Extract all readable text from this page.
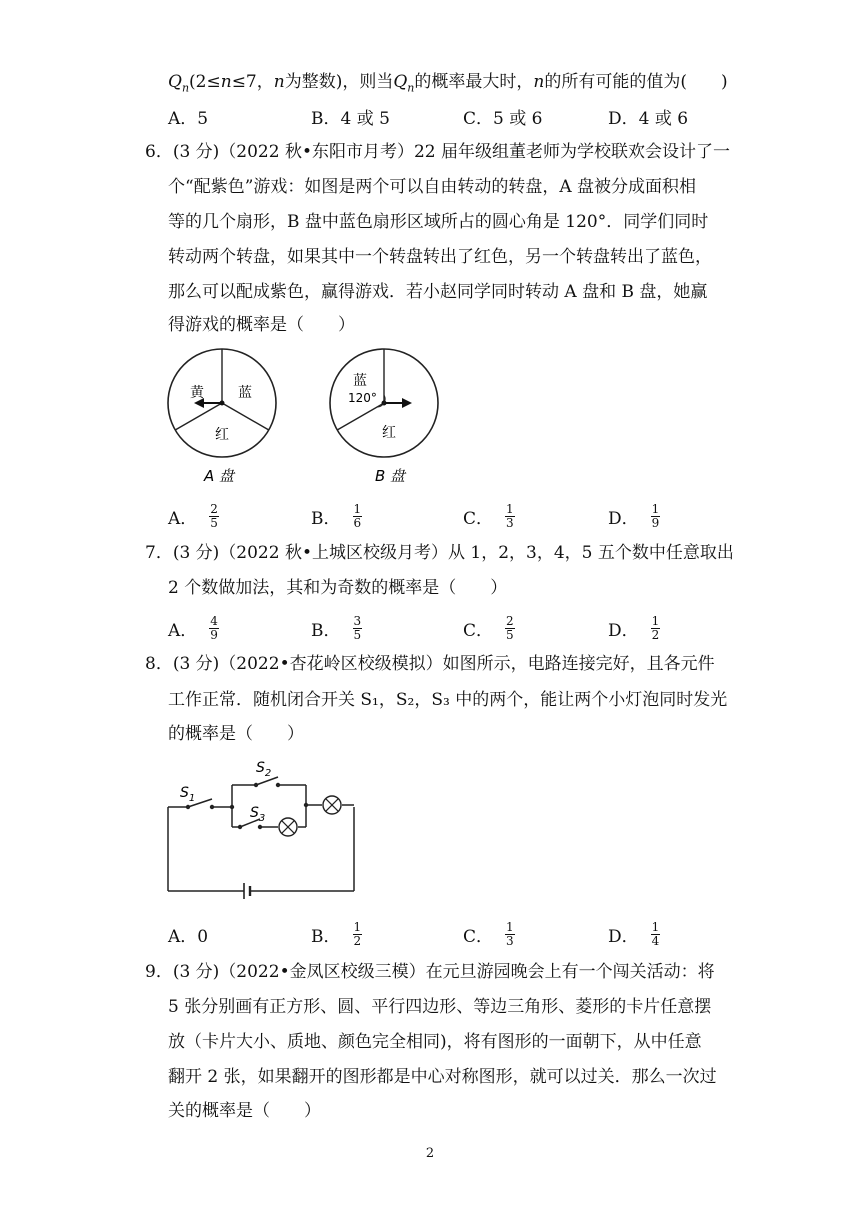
$Q_n(2\le n\le 7$，n为整数)，则当$Q_n$的概率最大时，n的所有可能的值为(　　)
A．5	B．4 或 5	C．5 或 6	D．4 或 6
6．(3 分)（2022 秋•东阳市月考）22 届年级组董老师为学校联欢会设计了一
个“配紫色”游戏：如图是两个可以自由转动的转盘，A 盘被分成面积相
等的几个扇形，B 盘中蓝色扇形区域所占的圆心角是 120°．同学们同时
转动两个转盘，如果其中一个转盘转出了红色，另一个转盘转出了蓝色，
那么可以配成紫色，赢得游戏．若小赵同学同时转动 A 盘和 B 盘，她赢
得游戏的概率是（　　）
黄 蓝
红
A 盘
蓝
120°
红
B 盘
A． $\frac{2}{5}$	B． $\frac{1}{6}$	C． $\frac{1}{3}$	D． $\frac{1}{9}$
7．(3 分)（2022 秋•上城区校级月考）从 1，2，3，4，5 五个数中任意取出
2 个数做加法，其和为奇数的概率是（　　）
A． $\frac{4}{9}$	B． $\frac{3}{5}$	C． $\frac{2}{5}$	D． $\frac{1}{2}$
8．(3 分)（2022•杏花岭区校级模拟）如图所示，电路连接完好，且各元件
工作正常．随机闭合开关 S₁，S₂，S₃ 中的两个，能让两个小灯泡同时发光
的概率是（　　）
$S_1$
$S_2$
$S_3$
A．0	B． $\frac{1}{2}$	C． $\frac{1}{3}$	D． $\frac{1}{4}$
9．(3 分)（2022•金凤区校级三模）在元旦游园晚会上有一个闯关活动：将
5 张分别画有正方形、圆、平行四边形、等边三角形、菱形的卡片任意摆
放（卡片大小、质地、颜色完全相同)，将有图形的一面朝下，从中任意
翻开 2 张，如果翻开的图形都是中心对称图形，就可以过关．那么一次过
关的概率是（　　）
2
